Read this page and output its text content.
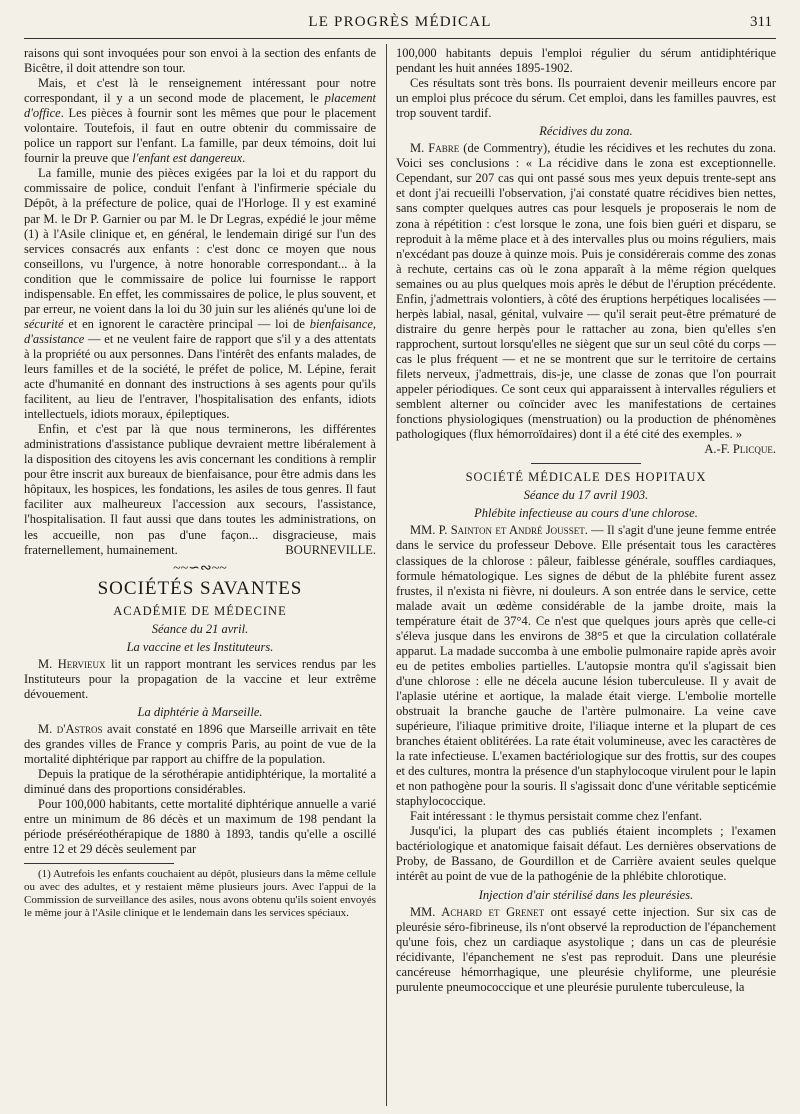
LE PROGRÈS MÉDICAL	311

raisons qui sont invoquées pour son envoi à la section des enfants de Bicêtre, il doit attendre son tour.

Mais, et c'est là le renseignement intéressant pour notre correspondant, il y a un second mode de placement, le placement d'office. Les pièces à fournir sont les mêmes que pour le placement volontaire. Toutefois, il faut en outre obtenir du commissaire de police un rapport sur l'enfant. La famille, par deux témoins, doit lui fournir la preuve que l'enfant est dangereux.

La famille, munie des pièces exigées par la loi et du rapport du commissaire de police, conduit l'enfant à l'infirmerie spéciale du Dépôt, à la préfecture de police, quai de l'Horloge. Il y est examiné par M. le Dr P. Garnier ou par M. le Dr Legras, expédié le jour même (1) à l'Asile clinique et, en général, le lendemain dirigé sur l'un des services consacrés aux enfants : c'est donc ce moyen que nous conseillons, vu l'urgence, à notre honorable correspondant... à la condition que le commissaire de police lui fournisse le rapport indispensable. En effet, les commissaires de police, le plus souvent, et par erreur, ne voient dans la loi du 30 juin sur les aliénés qu'une loi de sécurité et en ignorent le caractère principal — loi de bienfaisance, d'assistance — et ne veulent faire de rapport que s'il y a des attentats à la propriété ou aux personnes. Dans l'intérêt des enfants malades, de leurs familles et de la société, le préfet de police, M. Lépine, ferait acte d'humanité en donnant des instructions à ses agents pour qu'ils facilitent, au lieu de l'entraver, l'hospitalisation des enfants, idiots intellectuels, idiots moraux, épileptiques.

Enfin, et c'est par là que nous terminerons, les différentes administrations d'assistance publique devraient mettre libéralement à la disposition des citoyens les avis concernant les conditions à remplir pour être inscrit aux bureaux de bienfaisance, pour être admis dans les hôpitaux, les hospices, les fondations, les asiles de tous genres. Il faut faciliter aux malheureux l'accession aux secours, l'assistance, l'hospitalisation. Il faut aussi que dans toutes les administrations, on les accueille, non pas d'une façon... disgracieuse, mais fraternellement, humainement.	BOURNEVILLE.

~~∽∾~~
SOCIÉTÉS SAVANTES
ACADÉMIE DE MÉDECINE
Séance du 21 avril.
La vaccine et les Instituteurs.

M. Hervieux lit un rapport montrant les services rendus par les Instituteurs pour la propagation de la vaccine et leur extrême dévouement.

La diphtérie à Marseille.

M. d'Astros avait constaté en 1896 que Marseille arrivait en tête des grandes villes de France y compris Paris, au point de vue de la mortalité diphtérique par rapport au chiffre de la population.

Depuis la pratique de la sérothérapie antidiphtérique, la mortalité a diminué dans des proportions considérables.

Pour 100,000 habitants, cette mortalité diphtérique annuelle a varié entre un minimum de 86 décès et un maximum de 198 pendant la période préséréothérapique de 1880 à 1893, tandis qu'elle a oscillé entre 12 et 29 décès seulement par

(1) Autrefois les enfants couchaient au dépôt, plusieurs dans la même cellule ou avec des adultes, et y restaient même plusieurs jours. Avec l'appui de la Commission de surveillance des asiles, nous avons obtenu qu'ils soient envoyés le même jour à l'Asile clinique et le lendemain dans les services spéciaux.

100,000 habitants depuis l'emploi régulier du sérum antidiphtérique pendant les huit années 1895-1902.

Ces résultats sont très bons. Ils pourraient devenir meilleurs encore par un emploi plus précoce du sérum. Cet emploi, dans les familles pauvres, est trop souvent tardif.

Récidives du zona.

M. Fabre (de Commentry), étudie les récidives et les rechutes du zona. Voici ses conclusions : « La récidive dans le zona est exceptionnelle. Cependant, sur 207 cas qui ont passé sous mes yeux depuis trente-sept ans et dont j'ai recueilli l'observation, j'ai constaté quatre récidives bien nettes, sans compter quelques autres cas pour lesquels je proposerais le nom de zona à répétition : c'est lorsque le zona, une fois bien guéri et disparu, se reproduit à la même place et à des intervalles plus ou moins réguliers, mais n'excédant pas douze à quinze mois. Puis je considérerais comme des zonas à rechute, certains cas où le zona apparaît à la même région quelques semaines ou au plus quelques mois après le début de l'éruption précédente. Enfin, j'admettrais volontiers, à côté des éruptions herpétiques localisées — herpès labial, nasal, génital, vulvaire — qu'il serait peut-être prématuré de distraire du genre herpès pour le rattacher au zona, bien qu'elles s'en rapprochent, surtout lorsqu'elles ne siègent que sur un seul côté du corps — cas le plus fréquent — et ne se montrent que sur le territoire de certains filets nerveux, j'admettrais, dis-je, une classe de zonas que l'on pourrait appeler périodiques. Ce sont ceux qui apparaissent à intervalles réguliers et semblent alterner ou coïncider avec les manifestations de certaines fonctions physiologiques (menstruation) ou la production de phénomènes pathologiques (flux hémorroïdaires) dont il a été cité des exemples. »
A.-F. Plicque.

SOCIÉTÉ MÉDICALE DES HOPITAUX
Séance du 17 avril 1903.
Phlébite infectieuse au cours d'une chlorose.

MM. P. Sainton et André Jousset. — Il s'agit d'une jeune femme entrée dans le service du professeur Debove. Elle présentait tous les caractères classiques de la chlorose : pâleur, faiblesse générale, souffles cardiaques, formule hématologique. Les signes de début de la phlébite furent assez frustes, il n'exista ni fièvre, ni douleurs. A son entrée dans le service, cette malade avait un œdème considérable de la jambe droite, mais la température était de 37°4. Ce n'est que quelques jours après que celle-ci s'éleva jusque dans les environs de 38°5 et que la circulation collatérale apparut. La madade succomba à une embolie pulmonaire rapide après avoir eu de petites embolies partielles. L'autopsie montra qu'il s'agissait bien d'une chlorose : elle ne décela aucune lésion tuberculeuse. Il y avait de l'aplasie utérine et aortique, la malade était vierge. L'embolie mortelle obstruait la branche gauche de l'artère pulmonaire. La veine cave supérieure, l'iliaque primitive droite, l'iliaque interne et la plupart de ces branches étaient oblitérées. La rate était volumineuse, avec les caractères de la rate infectieuse. L'examen bactériologique sur des frottis, sur des coupes et des cultures, montra la présence d'un staphylocoque virulent pour le lapin et non pathogène pour la souris. Il s'agissait donc d'une véritable septicémie staphylococcique.

Fait intéressant : le thymus persistait comme chez l'enfant.

Jusqu'ici, la plupart des cas publiés étaient incomplets ; l'examen bactériologique et anatomique faisait défaut. Les dernières observations de Proby, de Bassano, de Gourdillon et de Carrière avaient seules quelque intérêt au point de vue de la pathogénie de la phlébite chlorotique.

Injection d'air stérilisé dans les pleurésies.

MM. Achard et Grenet ont essayé cette injection. Sur six cas de pleurésie séro-fibrineuse, ils n'ont observé la reproduction de l'épanchement qu'une fois, chez un cardiaque asystolique ; dans un cas de pleurésie récidivante, l'épanchement ne s'est pas reproduit. Dans une pleurésie cancéreuse hémorrhagique, une pleurésie chyliforme, une pleurésie purulente pneumococcique et une pleurésie purulente tuberculeuse, la
